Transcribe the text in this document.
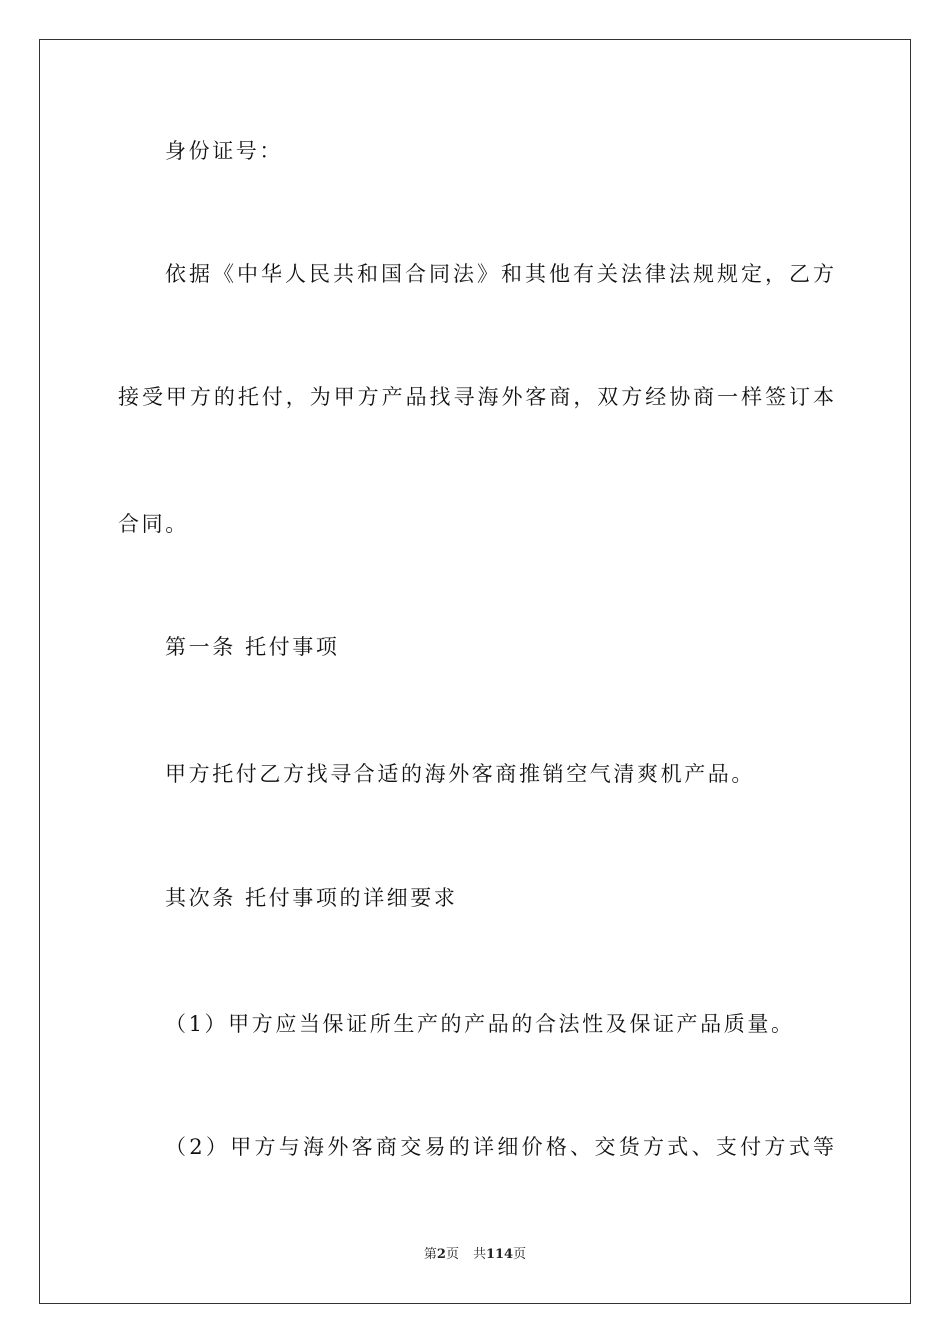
身份证号：
依据《中华人民共和国合同法》和其他有关法律法规规定，乙方
接受甲方的托付，为甲方产品找寻海外客商，双方经协商一样签订本
合同。
第一条 托付事项
甲方托付乙方找寻合适的海外客商推销空气清爽机产品。
其次条 托付事项的详细要求
（1）甲方应当保证所生产的产品的合法性及保证产品质量。
（2）甲方与海外客商交易的详细价格、交货方式、支付方式等
第2页 共114页
